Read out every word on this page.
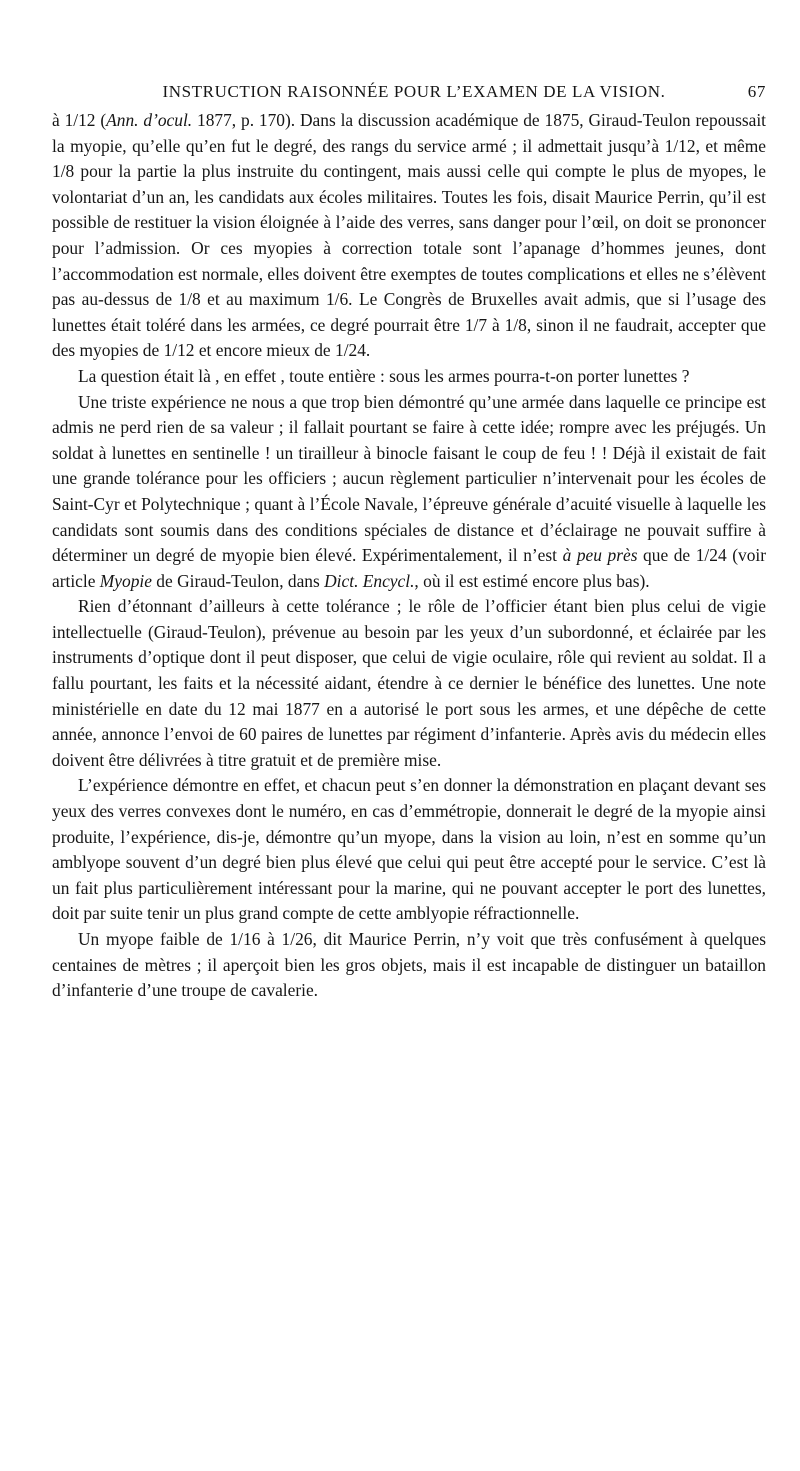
INSTRUCTION RAISONNÉE POUR L’EXAMEN DE LA VISION.	67

à 1/12 (Ann. d’ocul. 1877, p. 170). Dans la discussion académique de 1875, Giraud-Teulon repoussait la myopie, qu’elle qu’en fut le degré, des rangs du service armé ; il admettait jusqu’à 1/12, et même 1/8 pour la partie la plus instruite du contingent, mais aussi celle qui compte le plus de myopes, le volontariat d’un an, les candidats aux écoles militaires. Toutes les fois, disait Maurice Perrin, qu’il est possible de restituer la vision éloignée à l’aide des verres, sans danger pour l’œil, on doit se prononcer pour l’admission. Or ces myopies à correction totale sont l’apanage d’hommes jeunes, dont l’accommodation est normale, elles doivent être exemptes de toutes complications et elles ne s’élèvent pas au-dessus de 1/8 et au maximum 1/6. Le Congrès de Bruxelles avait admis, que si l’usage des lunettes était toléré dans les armées, ce degré pourrait être 1/7 à 1/8, sinon il ne faudrait, accepter que des myopies de 1/12 et encore mieux de 1/24.

La question était là , en effet , toute entière : sous les armes pourra-t-on porter lunettes ?

Une triste expérience ne nous a que trop bien démontré qu’une armée dans laquelle ce principe est admis ne perd rien de sa valeur ; il fallait pourtant se faire à cette idée; rompre avec les préjugés. Un soldat à lunettes en sentinelle ! un tirailleur à binocle faisant le coup de feu ! ! Déjà il existait de fait une grande tolérance pour les officiers ; aucun règlement particulier n’intervenait pour les écoles de Saint-Cyr et Polytechnique ; quant à l’École Navale, l’épreuve générale d’acuité visuelle à laquelle les candidats sont soumis dans des conditions spéciales de distance et d’éclairage ne pouvait suffire à déterminer un degré de myopie bien élevé. Expérimentalement, il n’est à peu près que de 1/24 (voir article Myopie de Giraud-Teulon, dans Dict. Encycl., où il est estimé encore plus bas).

Rien d’étonnant d’ailleurs à cette tolérance ; le rôle de l’officier étant bien plus celui de vigie intellectuelle (Giraud-Teulon), prévenue au besoin par les yeux d’un subordonné, et éclairée par les instruments d’optique dont il peut disposer, que celui de vigie oculaire, rôle qui revient au soldat. Il a fallu pourtant, les faits et la nécessité aidant, étendre à ce dernier le bénéfice des lunettes. Une note ministérielle en date du 12 mai 1877 en a autorisé le port sous les armes, et une dépêche de cette année, annonce l’envoi de 60 paires de lunettes par régiment d’infanterie. Après avis du médecin elles doivent être délivrées à titre gratuit et de première mise.

L’expérience démontre en effet, et chacun peut s’en donner la démonstration en plaçant devant ses yeux des verres convexes dont le numéro, en cas d’emmétropie, donnerait le degré de la myopie ainsi produite, l’expérience, dis-je, démontre qu’un myope, dans la vision au loin, n’est en somme qu’un amblyope souvent d’un degré bien plus élevé que celui qui peut être accepté pour le service. C’est là un fait plus particulièrement intéressant pour la marine, qui ne pouvant accepter le port des lunettes, doit par suite tenir un plus grand compte de cette amblyopie réfractionnelle.

Un myope faible de 1/16 à 1/26, dit Maurice Perrin, n’y voit que très confusément à quelques centaines de mètres ; il aperçoit bien les gros objets, mais il est incapable de distinguer un bataillon d’infanterie d’une troupe de cavalerie.
